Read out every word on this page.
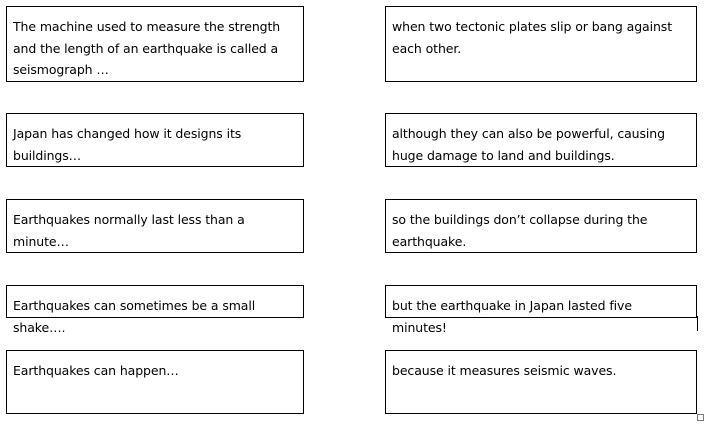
The machine used to measure the strength and the length of an earthquake is called a seismograph …
Japan has changed how it designs its buildings…
Earthquakes normally last less than a minute…
Earthquakes can sometimes be a small shake….
Earthquakes can happen…
when two tectonic plates slip or bang against each other.
although they can also be powerful, causing huge damage to land and buildings.
so the buildings don’t collapse during the earthquake.
but the earthquake in Japan lasted five minutes!
because it measures seismic waves.
